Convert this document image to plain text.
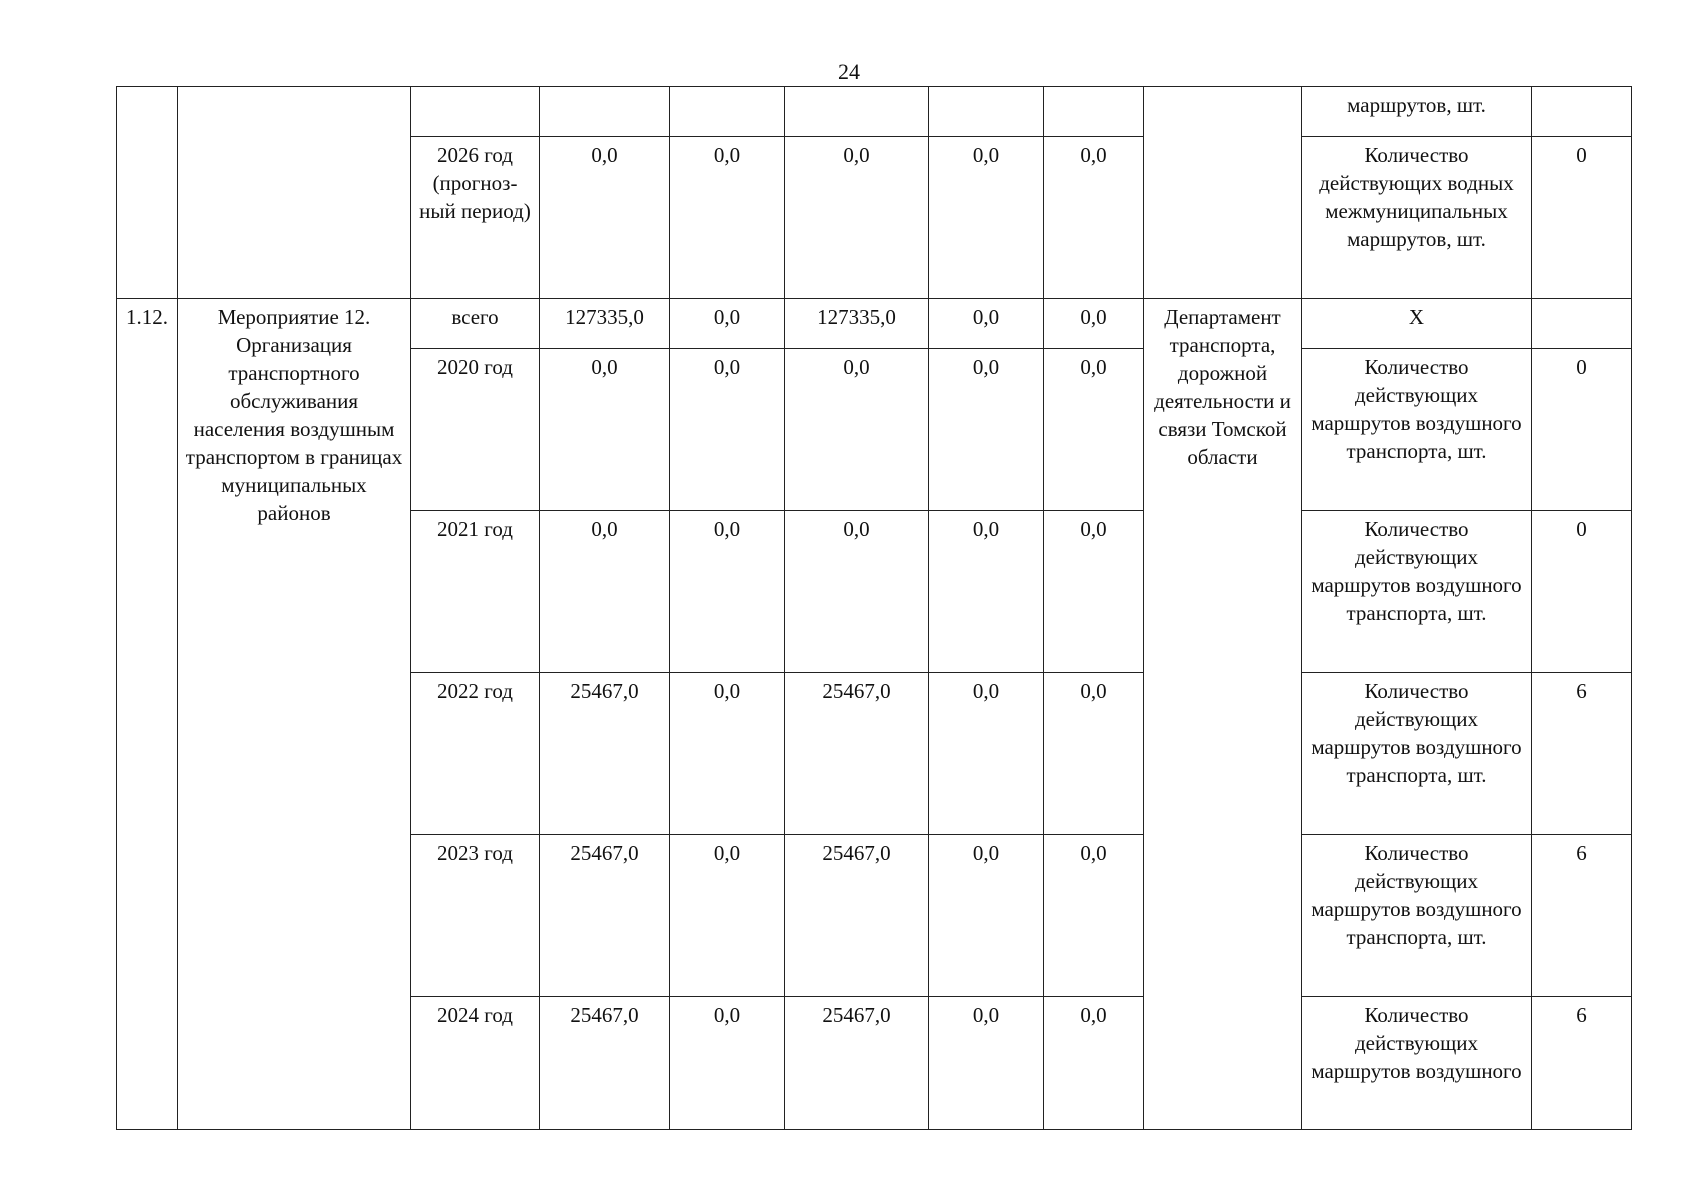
24
									маршрутов, шт.	
		2026 год (прогноз-ный период)	0,0	0,0	0,0	0,0	0,0		Количество действующих водных межмуниципальных маршрутов, шт.	0
1.12.	Мероприятие 12. Организация транспортного обслуживания населения воздушным транспортом в границах муниципальных районов	всего	127335,0	0,0	127335,0	0,0	0,0	Департамент транспорта, дорожной деятельности и связи Томской области	Х	
		2020 год	0,0	0,0	0,0	0,0	0,0		Количество действующих маршрутов воздушного транспорта, шт.	0
		2021 год	0,0	0,0	0,0	0,0	0,0		Количество действующих маршрутов воздушного транспорта, шт.	0
		2022 год	25467,0	0,0	25467,0	0,0	0,0		Количество действующих маршрутов воздушного транспорта, шт.	6
		2023 год	25467,0	0,0	25467,0	0,0	0,0		Количество действующих маршрутов воздушного транспорта, шт.	6
		2024 год	25467,0	0,0	25467,0	0,0	0,0		Количество действующих маршрутов воздушного	6
